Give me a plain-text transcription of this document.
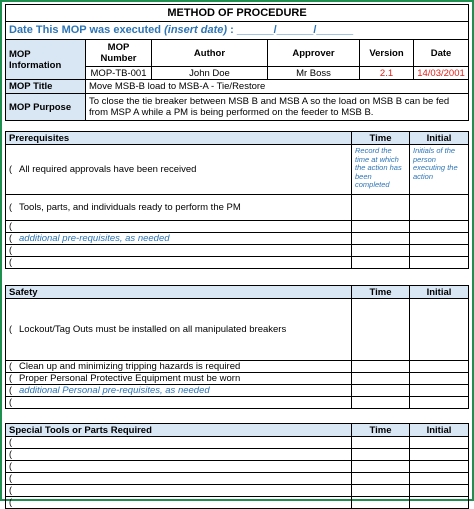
METHOD OF PROCEDURE					
Date This MOP was executed (insert date) : ______/______/______					
MOP Information	MOP Number	Author	Approver	Version	Date
	MOP-TB-001	John Doe	Mr Boss	2.1	14/03/2001
MOP Title	Move MSB-B load to MSB-A - Tie/Restore				
MOP Purpose	To close the tie breaker between MSB B and MSB A so the load on MSB B can be fed from MSP A while a PM is being performed on the feeder to MSB B.				
Prerequisites	Time	Initial
( All required approvals have been received	Record the time at which the action has been completed	Initials of the person executing the action
( Tools, parts, and individuals ready to perform the PM		
(		
( additional pre-requisites, as needed		
(		
(		
Safety	Time	Initial
( Lockout/Tag Outs must be installed on all manipulated breakers		
( Clean up and minimizing tripping hazards is required		
( Proper Personal Protective Equipment must be worn		
( additional Personal pre-requisites, as needed		
(		
Special Tools or Parts Required	Time	Initial
(		
(		
(		
(		
(		
(		
